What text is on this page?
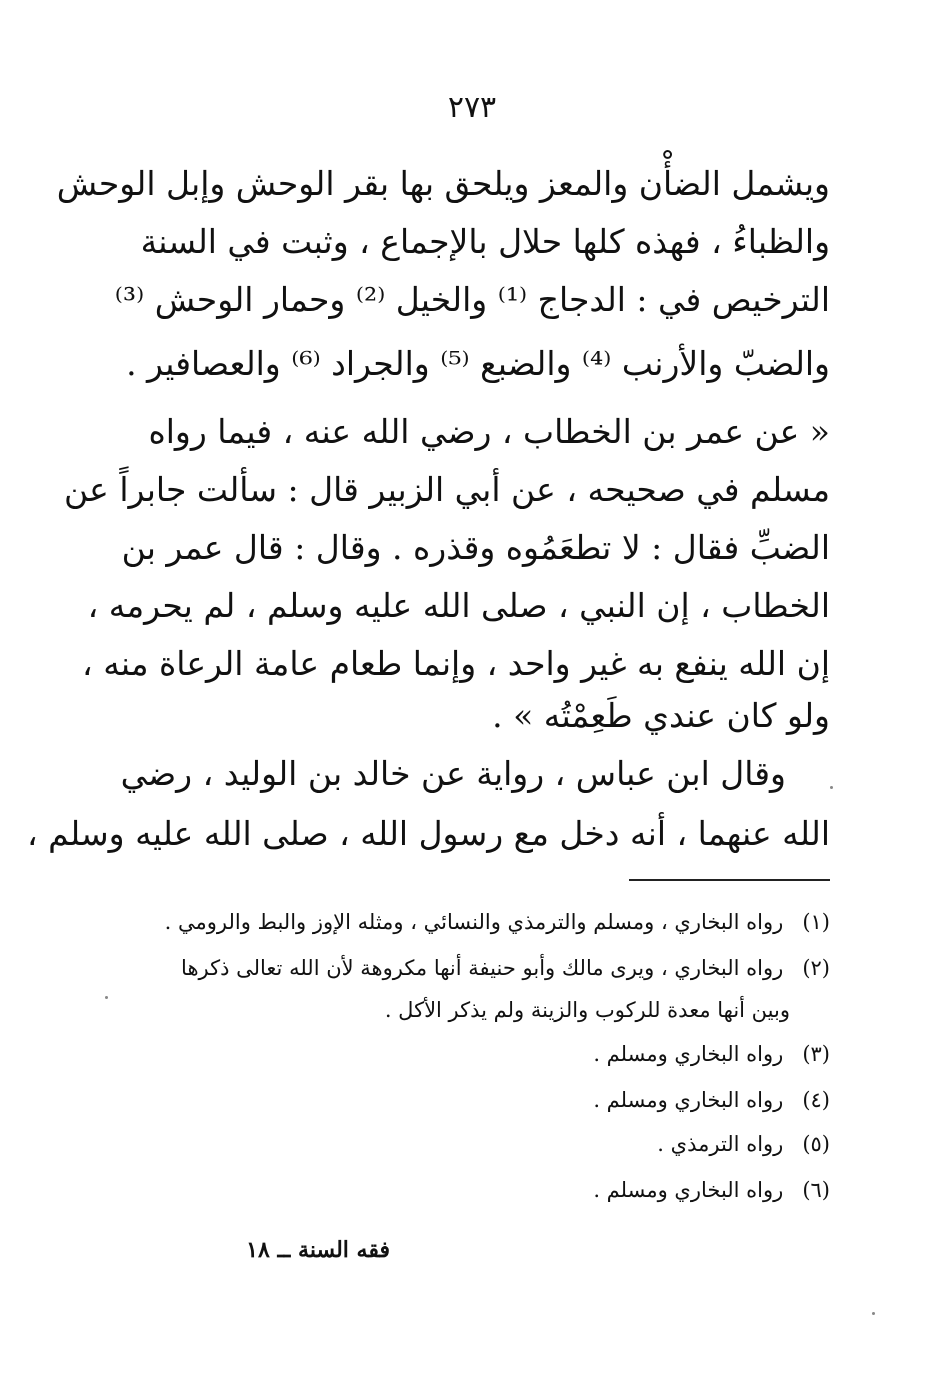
٢٧٣
ويشمل الضأْن والمعز ويلحق بها بقر الوحش وإبل الوحش
والظباءُ ، فهذه كلها حلال بالإجماع ، وثبت في السنة
الترخيص في : الدجاج ⁽¹⁾ والخيل ⁽²⁾ وحمار الوحش ⁽³⁾
والضبّ والأرنب ⁽⁴⁾ والضبع ⁽⁵⁾ والجراد ⁽⁶⁾ والعصافير .
« عن عمر بن الخطاب ، رضي الله عنه ، فيما رواه
مسلم في صحيحه ، عن أبي الزبير قال : سألت جابراً عن
الضبِّ فقال : لا تطعَمُوه وقذره . وقال : قال عمر بن
الخطاب ، إن النبي ، صلى الله عليه وسلم ، لم يحرمه ،
إن الله ينفع به غير واحد ، وإنما طعام عامة الرعاة منه ،
ولو كان عندي طَعِمْتُه » .
وقال ابن عباس ، رواية عن خالد بن الوليد ، رضي
الله عنهما ، أنه دخل مع رسول الله ، صلى الله عليه وسلم ،
(١) رواه البخاري ، ومسلم والترمذي والنسائي ، ومثله الإوز والبط والرومي .
(٢) رواه البخاري ، ويرى مالك وأبو حنيفة أنها مكروهة لأن الله تعالى ذكرها
وبين أنها معدة للركوب والزينة ولم يذكر الأكل .
(٣) رواه البخاري ومسلم .
(٤) رواه البخاري ومسلم .
(٥) رواه الترمذي .
(٦) رواه البخاري ومسلم .
فقه السنة ــ ١٨
